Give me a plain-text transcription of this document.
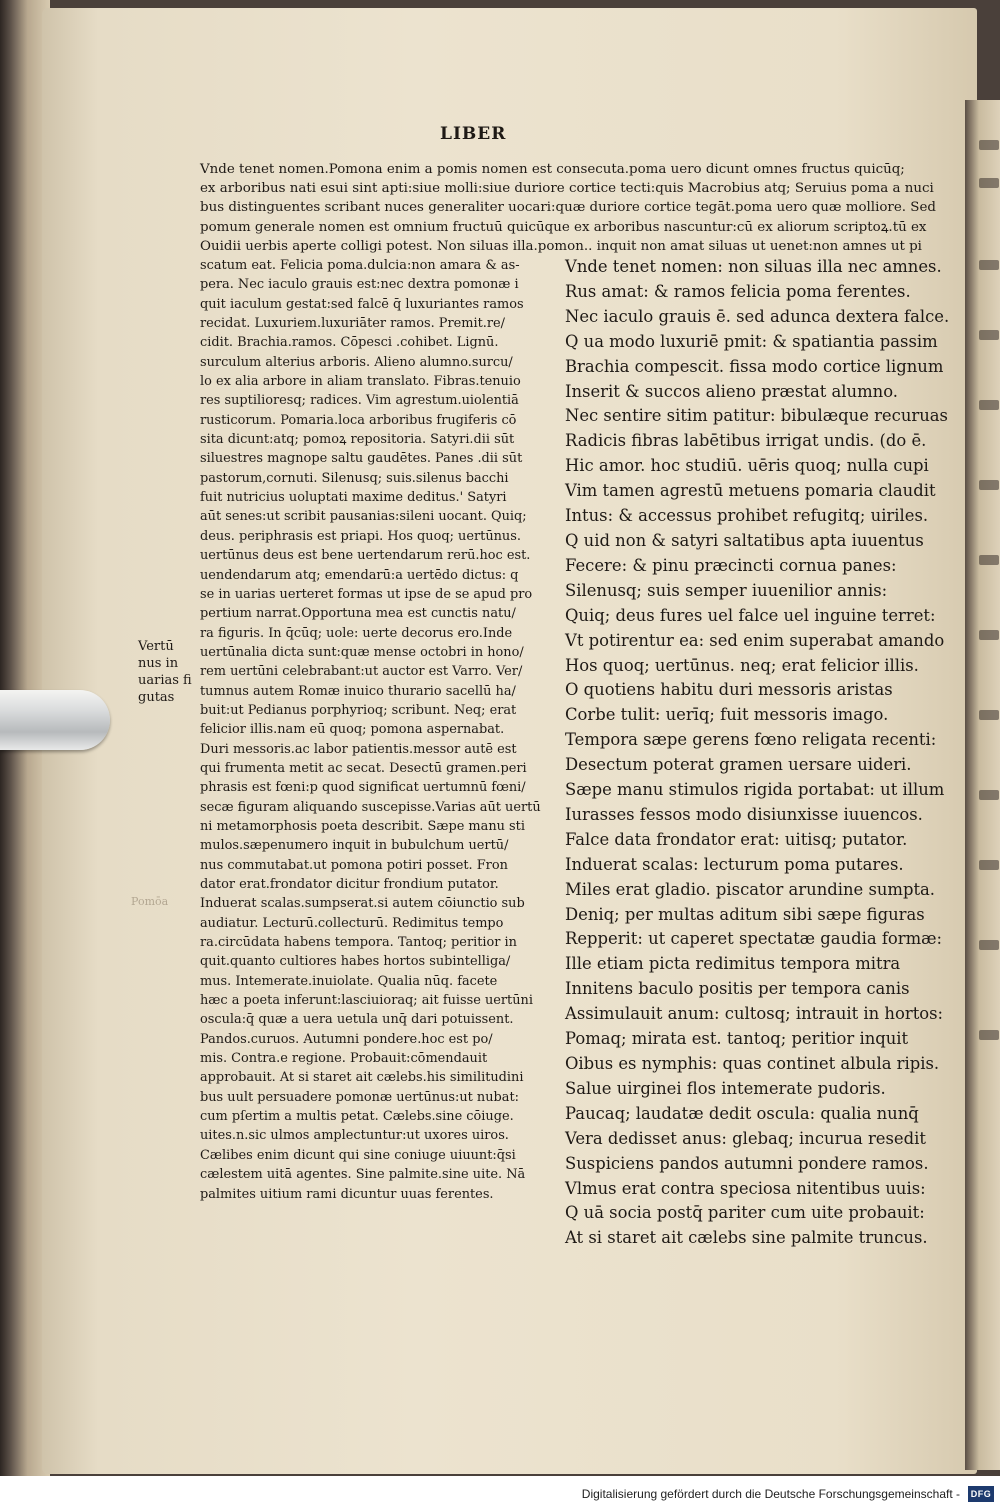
LIBER
Vnde tenet nomen.Pomona enim a pomis nomen est consecuta.poma uero dicunt omnes fructus quicūq;
ex arboribus nati esui sint apti:siue molli:siue duriore cortice tecti:quis Macrobius atq; Seruius poma a nuci
bus distinguentes scribant nuces generaliter uocari:quæ duriore cortice tegāt.poma uero quæ molliore. Sed
pomum generale nomen est omnium fructuū quicūque ex arboribus nascuntur:cū ex aliorum scriptoꝝ.tū ex
Ouidii uerbis aperte colligi potest. Non siluas illa.pomon.. inquit non amat siluas ut uenet:non amnes ut pi
scatum eat. Felicia poma.dulcia:non amara & as-
pera. Nec iaculo grauis est:nec dextra pomonæ i
quit iaculum gestat:sed falcē q̄ luxuriantes ramos
recidat. Luxuriem.luxuriāter ramos. Premit.re/
cidit. Brachia.ramos. Cōpesci .cohibet. Lignū.
surculum alterius arboris. Alieno alumno.surcu/
lo ex alia arbore in aliam translato. Fibras.tenuio
res suptilioresq; radices. Vim agrestum.uiolentiā
rusticorum. Pomaria.loca arboribus frugiferis cō
sita dicunt:atq; pomoꝝ repositoria. Satyri.dii sūt
siluestres magnope saltu gaudētes. Panes .dii sūt
pastorum,cornuti. Silenusq; suis.silenus bacchi
fuit nutricius uoluptati maxime deditus.' Satyri
aūt senes:ut scribit pausanias:sileni uocant. Quiq;
deus. periphrasis est priapi. Hos quoq; uertūnus.
uertūnus deus est bene uertendarum rerū.hoc est.
uendendarum atq; emendarū:a uertēdo dictus: q
se in uarias uerteret formas ut ipse de se apud pro
pertium narrat.Opportuna mea est cunctis natu/
ra figuris. In q̄cūq; uole: uerte decorus ero.Inde
uertūnalia dicta sunt:quæ mense octobri in hono/
rem uertūni celebrabant:ut auctor est Varro. Ver/
tumnus autem Romæ inuico thurario sacellū ha/
buit:ut Pedianus porphyrioq; scribunt. Neq; erat
felicior illis.nam eū quoq; pomona aspernabat.
Duri messoris.ac labor patientis.messor autē est
qui frumenta metit ac secat. Desectū gramen.peri
phrasis est fœni:p quod significat uertumnū fœni/
secæ figuram aliquando suscepisse.Varias aūt uertū
ni metamorphosis poeta describit. Sæpe manu sti
mulos.sæpenumero inquit in bubulchum uertū/
nus commutabat.ut pomona potiri posset. Fron
dator erat.frondator dicitur frondium putator.
Induerat scalas.sumpserat.si autem cōiunctio sub
audiatur. Lecturū.collecturū. Redimitus tempo
ra.circūdata habens tempora. Tantoq; peritior in
quit.quanto cultiores habes hortos subintelliga/
mus. Intemerate.inuiolate. Qualia nūq. facete
hæc a poeta inferunt:lasciuioraq; ait fuisse uertūni
oscula:q̄ quæ a uera uetula unq̄ dari potuissent.
Pandos.curuos. Autumni pondere.hoc est po/
mis. Contra.e regione. Probauit:cōmendauit
approbauit. At si staret ait cælebs.his similitudini
bus uult persuadere pomonæ uertūnus:ut nubat:
cum pſertim a multis petat. Cælebs.sine cōiuge.
uites.n.sic ulmos amplectuntur:ut uxores uiros.
Cælibes enim dicunt qui sine coniuge uiuunt:q̄si
cælestem uitā agentes. Sine palmite.sine uite. Nā
palmites uitium rami dicuntur uuas ferentes.
Vertū
nus in
uarias fi
gutas
Pomōa
Vnde tenet nomen: non siluas illa nec amnes.
Rus amat: & ramos felicia poma ferentes.
Nec iaculo grauis ē. sed adunca dextera falce.
Q ua modo luxuriē pmit: & spatiantia passim
Brachia compescit. fissa modo cortice lignum
Inserit & succos alieno præstat alumno.
Nec sentire sitim patitur: bibulæque recuruas
Radicis fibras labētibus irrigat undis. (do ē.
Hic amor. hoc studiū. uēris quoq; nulla cupi
Vim tamen agrestū metuens pomaria claudit
Intus: & accessus prohibet refugitq; uiriles.
Q uid non & satyri saltatibus apta iuuentus
Fecere: & pinu præcincti cornua panes:
Silenusq; suis semper iuuenilior annis:
Quiq; deus fures uel falce uel inguine terret:
Vt potirentur ea: sed enim superabat amando
Hos quoq; uertūnus. neq; erat felicior illis.
O quotiens habitu duri messoris aristas
Corbe tulit: uerīq; fuit messoris imago.
Tempora sæpe gerens fœno religata recenti:
Desectum poterat gramen uersare uideri.
Sæpe manu stimulos rigida portabat: ut illum
Iurasses fessos modo disiunxisse iuuencos.
Falce data frondator erat: uitisq; putator.
Induerat scalas: lecturum poma putares.
Miles erat gladio. piscator arundine sumpta.
Deniq; per multas aditum sibi sæpe figuras
Repperit: ut caperet spectatæ gaudia formæ:
Ille etiam picta redimitus tempora mitra
Innitens baculo positis per tempora canis
Assimulauit anum: cultosq; intrauit in hortos:
Pomaq; mirata est. tantoq; peritior inquit
Oibus es nymphis: quas continet albula ripis.
Salue uirginei flos intemerate pudoris.
Paucaq; laudatæ dedit oscula: qualia nunq̄
Vera dedisset anus: glebaq; incurua resedit
Suspiciens pandos autumni pondere ramos.
Vlmus erat contra speciosa nitentibus uuis:
Q uā socia postq̄ pariter cum uite probauit:
At si staret ait cælebs sine palmite truncus.
Digitalisierung gefördert durch die Deutsche Forschungsgemeinschaft -	DFG
